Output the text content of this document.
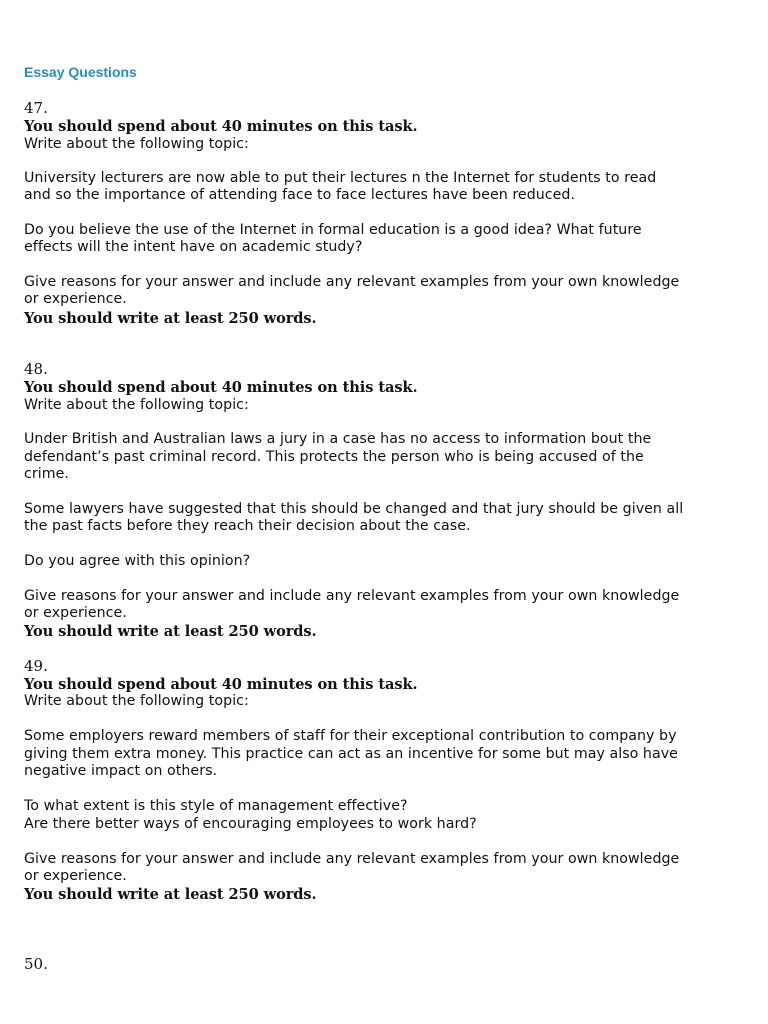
Essay Questions
47.
You should spend about 40 minutes on this task.
Write about the following topic:
University lecturers are now able to put their lectures n the Internet for students to read
and so the importance of attending face to face lectures have been reduced.
Do you believe the use of the Internet in formal education is a good idea? What future
effects will the intent have on academic study?
Give reasons for your answer and include any relevant examples from your own knowledge
or experience.
You should write at least 250 words.
48.
You should spend about 40 minutes on this task.
Write about the following topic:
Under British and Australian laws a jury in a case has no access to information bout the
defendant’s past criminal record. This protects the person who is being accused of the
crime.
Some lawyers have suggested that this should be changed and that jury should be given all
the past facts before they reach their decision about the case.
Do you agree with this opinion?
Give reasons for your answer and include any relevant examples from your own knowledge
or experience.
You should write at least 250 words.
49.
You should spend about 40 minutes on this task.
Write about the following topic:
Some employers reward members of staff for their exceptional contribution to company by
giving them extra money. This practice can act as an incentive for some but may also have
negative impact on others.
To what extent is this style of management effective?
Are there better ways of encouraging employees to work hard?
Give reasons for your answer and include any relevant examples from your own knowledge
or experience.
You should write at least 250 words.
50.
